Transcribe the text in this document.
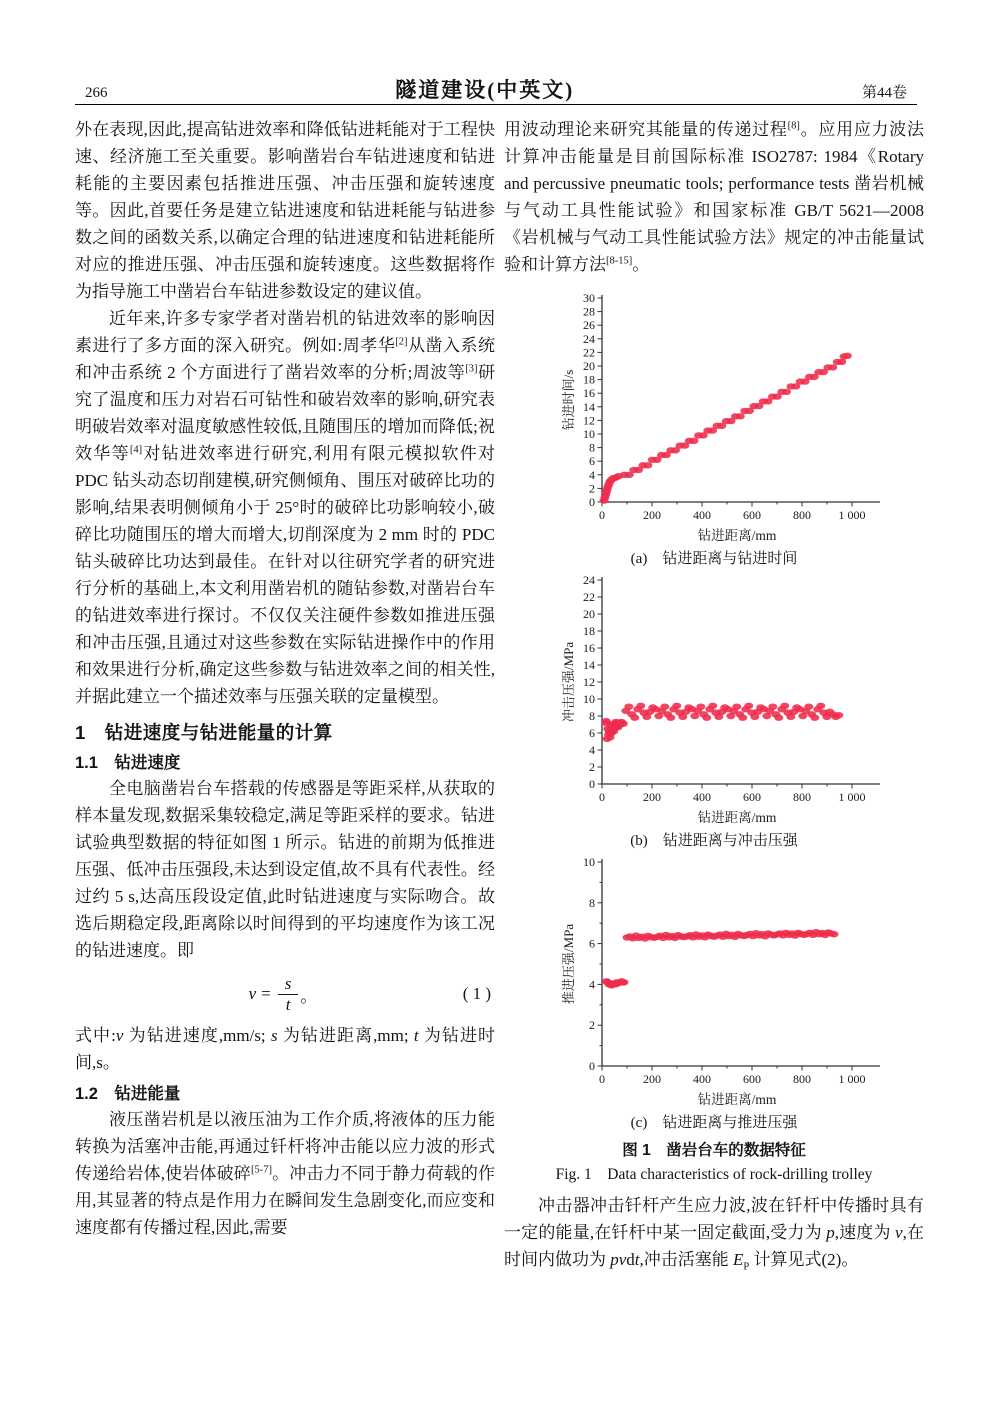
266	隧道建设(中英文)	第44卷

外在表现,因此,提高钻进效率和降低钻进耗能对于工程快速、经济施工至关重要。影响凿岩台车钻进速度和钻进耗能的主要因素包括推进压强、冲击压强和旋转速度等。因此,首要任务是建立钻进速度和钻进耗能与钻进参数之间的函数关系,以确定合理的钻进速度和钻进耗能所对应的推进压强、冲击压强和旋转速度。这些数据将作为指导施工中凿岩台车钻进参数设定的建议值。

近年来,许多专家学者对凿岩机的钻进效率的影响因素进行了多方面的深入研究。例如:周孝华[2]从凿入系统和冲击系统 2 个方面进行了凿岩效率的分析;周波等[3]研究了温度和压力对岩石可钻性和破岩效率的影响,研究表明破岩效率对温度敏感性较低,且随围压的增加而降低;祝效华等[4]对钻进效率进行研究,利用有限元模拟软件对 PDC 钻头动态切削建模,研究侧倾角、围压对破碎比功的影响,结果表明侧倾角小于 25°时的破碎比功影响较小,破碎比功随围压的增大而增大,切削深度为 2 mm 时的 PDC 钻头破碎比功达到最佳。在针对以往研究学者的研究进行分析的基础上,本文利用凿岩机的随钻参数,对凿岩台车的钻进效率进行探讨。不仅仅关注硬件参数如推进压强和冲击压强,且通过对这些参数在实际钻进操作中的作用和效果进行分析,确定这些参数与钻进效率之间的相关性,并据此建立一个描述效率与压强关联的定量模型。

1　钻进速度与钻进能量的计算
1.1　钻进速度

全电脑凿岩台车搭载的传感器是等距采样,从获取的样本量发现,数据采集较稳定,满足等距采样的要求。钻进试验典型数据的特征如图 1 所示。钻进的前期为低推进压强、低冲击压强段,未达到设定值,故不具有代表性。经过约 5 s,达高压段设定值,此时钻进速度与实际吻合。故选后期稳定段,距离除以时间得到的平均速度作为该工况的钻进速度。即

$v = \frac{s}{t}$ 。	( 1 )

式中:v 为钻进速度,mm/s; s 为钻进距离,mm; t 为钻进时间,s。

1.2　钻进能量

液压凿岩机是以液压油为工作介质,将液体的压力能转换为活塞冲击能,再通过钎杆将冲击能以应力波的形式传递给岩体,使岩体破碎[5-7]。冲击力不同于静力荷载的作用,其显著的特点是作用力在瞬间发生急剧变化,而应变和速度都有传播过程,因此,需要

用波动理论来研究其能量的传递过程[8]。应用应力波法计算冲击能量是目前国际标准 ISO2787: 1984《Rotary and percussive pneumatic tools; performance tests 凿岩机械与气动工具性能试验》和国家标准 GB/T 5621—2008《岩机械与气动工具性能试验方法》规定的冲击能量试验和计算方法[8-15]。

0
2
4
6
8
10
12
14
16
18
20
22
24
26
28
30
0	200	400	600	800 1 000
钻进时间/s
钻进距离/mm
(a)　钻进距离与钻进时间
0
2
4
6
8
10
12
14
16
18
20
22
24
0	200	400	600	800 1 000
冲击压强/MPa
钻进距离/mm
(b)　钻进距离与冲击压强
0
2
4
6
8
10
0	200	400	600	800 1 000
推进压强/MPa
钻进距离/mm
(c)　钻进距离与推进压强

图 1　凿岩台车的数据特征

Fig. 1　Data characteristics of rock-drilling trolley

冲击器冲击钎杆产生应力波,波在钎杆中传播时具有一定的能量,在钎杆中某一固定截面,受力为 p,速度为 v,在时间内做功为 pvdt,冲击活塞能 $E_P$ 计算见式(2)。
